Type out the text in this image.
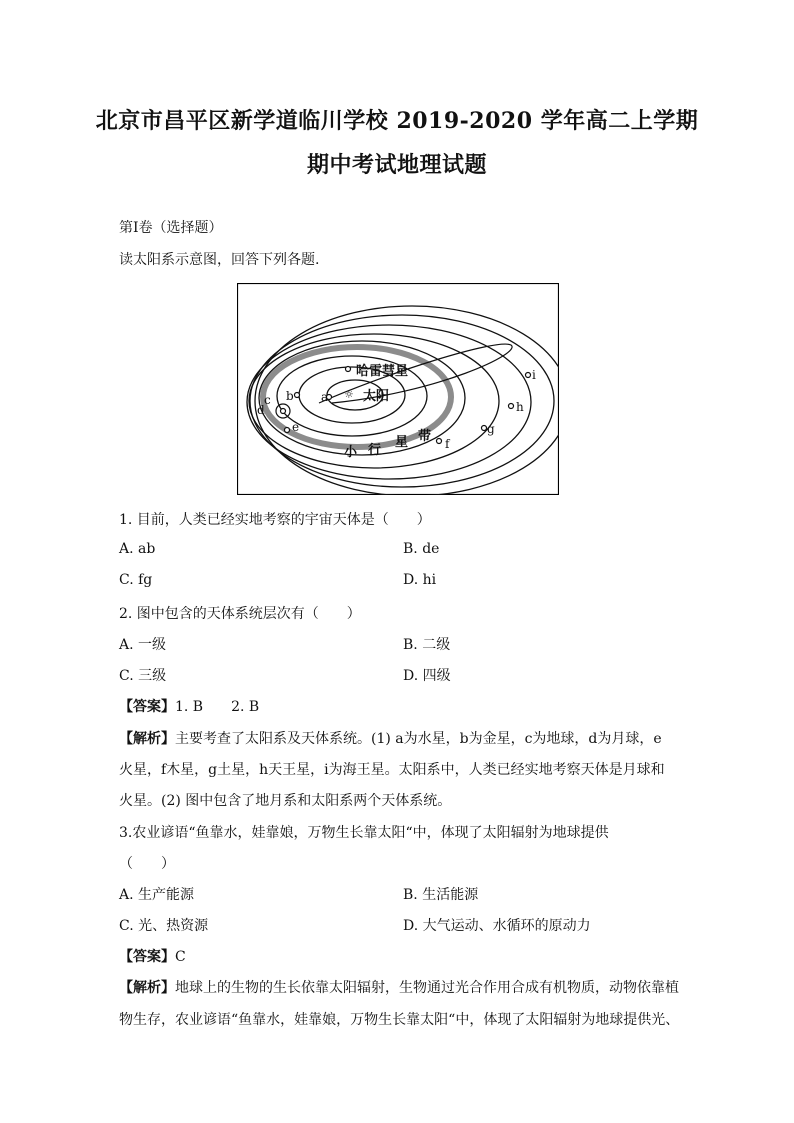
北京市昌平区新学道临川学校 2019-2020 学年高二上学期
期中考试地理试题
第Ⅰ卷（选择题）
读太阳系示意图，回答下列各题.
☼
a
b
c
d
e
f
g
h
i
哈雷彗星
太阳
小 行
星 带
1. 目前，人类已经实地考察的宇宙天体是（　　）
A. ab	B. de
C. fg	D. hi
2. 图中包含的天体系统层次有（　　）
A. 一级	B. 二级
C. 三级	D. 四级
【答案】1. B　　2. B
【解析】主要考查了太阳系及天体系统。(1) a为水星，b为金星，c为地球，d为月球，e
火星，f木星，g土星，h天王星，i为海王星。太阳系中，人类已经实地考察天体是月球和
火星。(2) 图中包含了地月系和太阳系两个天体系统。
3.农业谚语“鱼靠水，娃靠娘，万物生长靠太阳“中，体现了太阳辐射为地球提供
（　　）
A. 生产能源	B. 生活能源
C. 光、热资源	D. 大气运动、水循环的原动力
【答案】C
【解析】地球上的生物的生长依靠太阳辐射，生物通过光合作用合成有机物质，动物依靠植
物生存，农业谚语“鱼靠水，娃靠娘，万物生长靠太阳“中，体现了太阳辐射为地球提供光、
